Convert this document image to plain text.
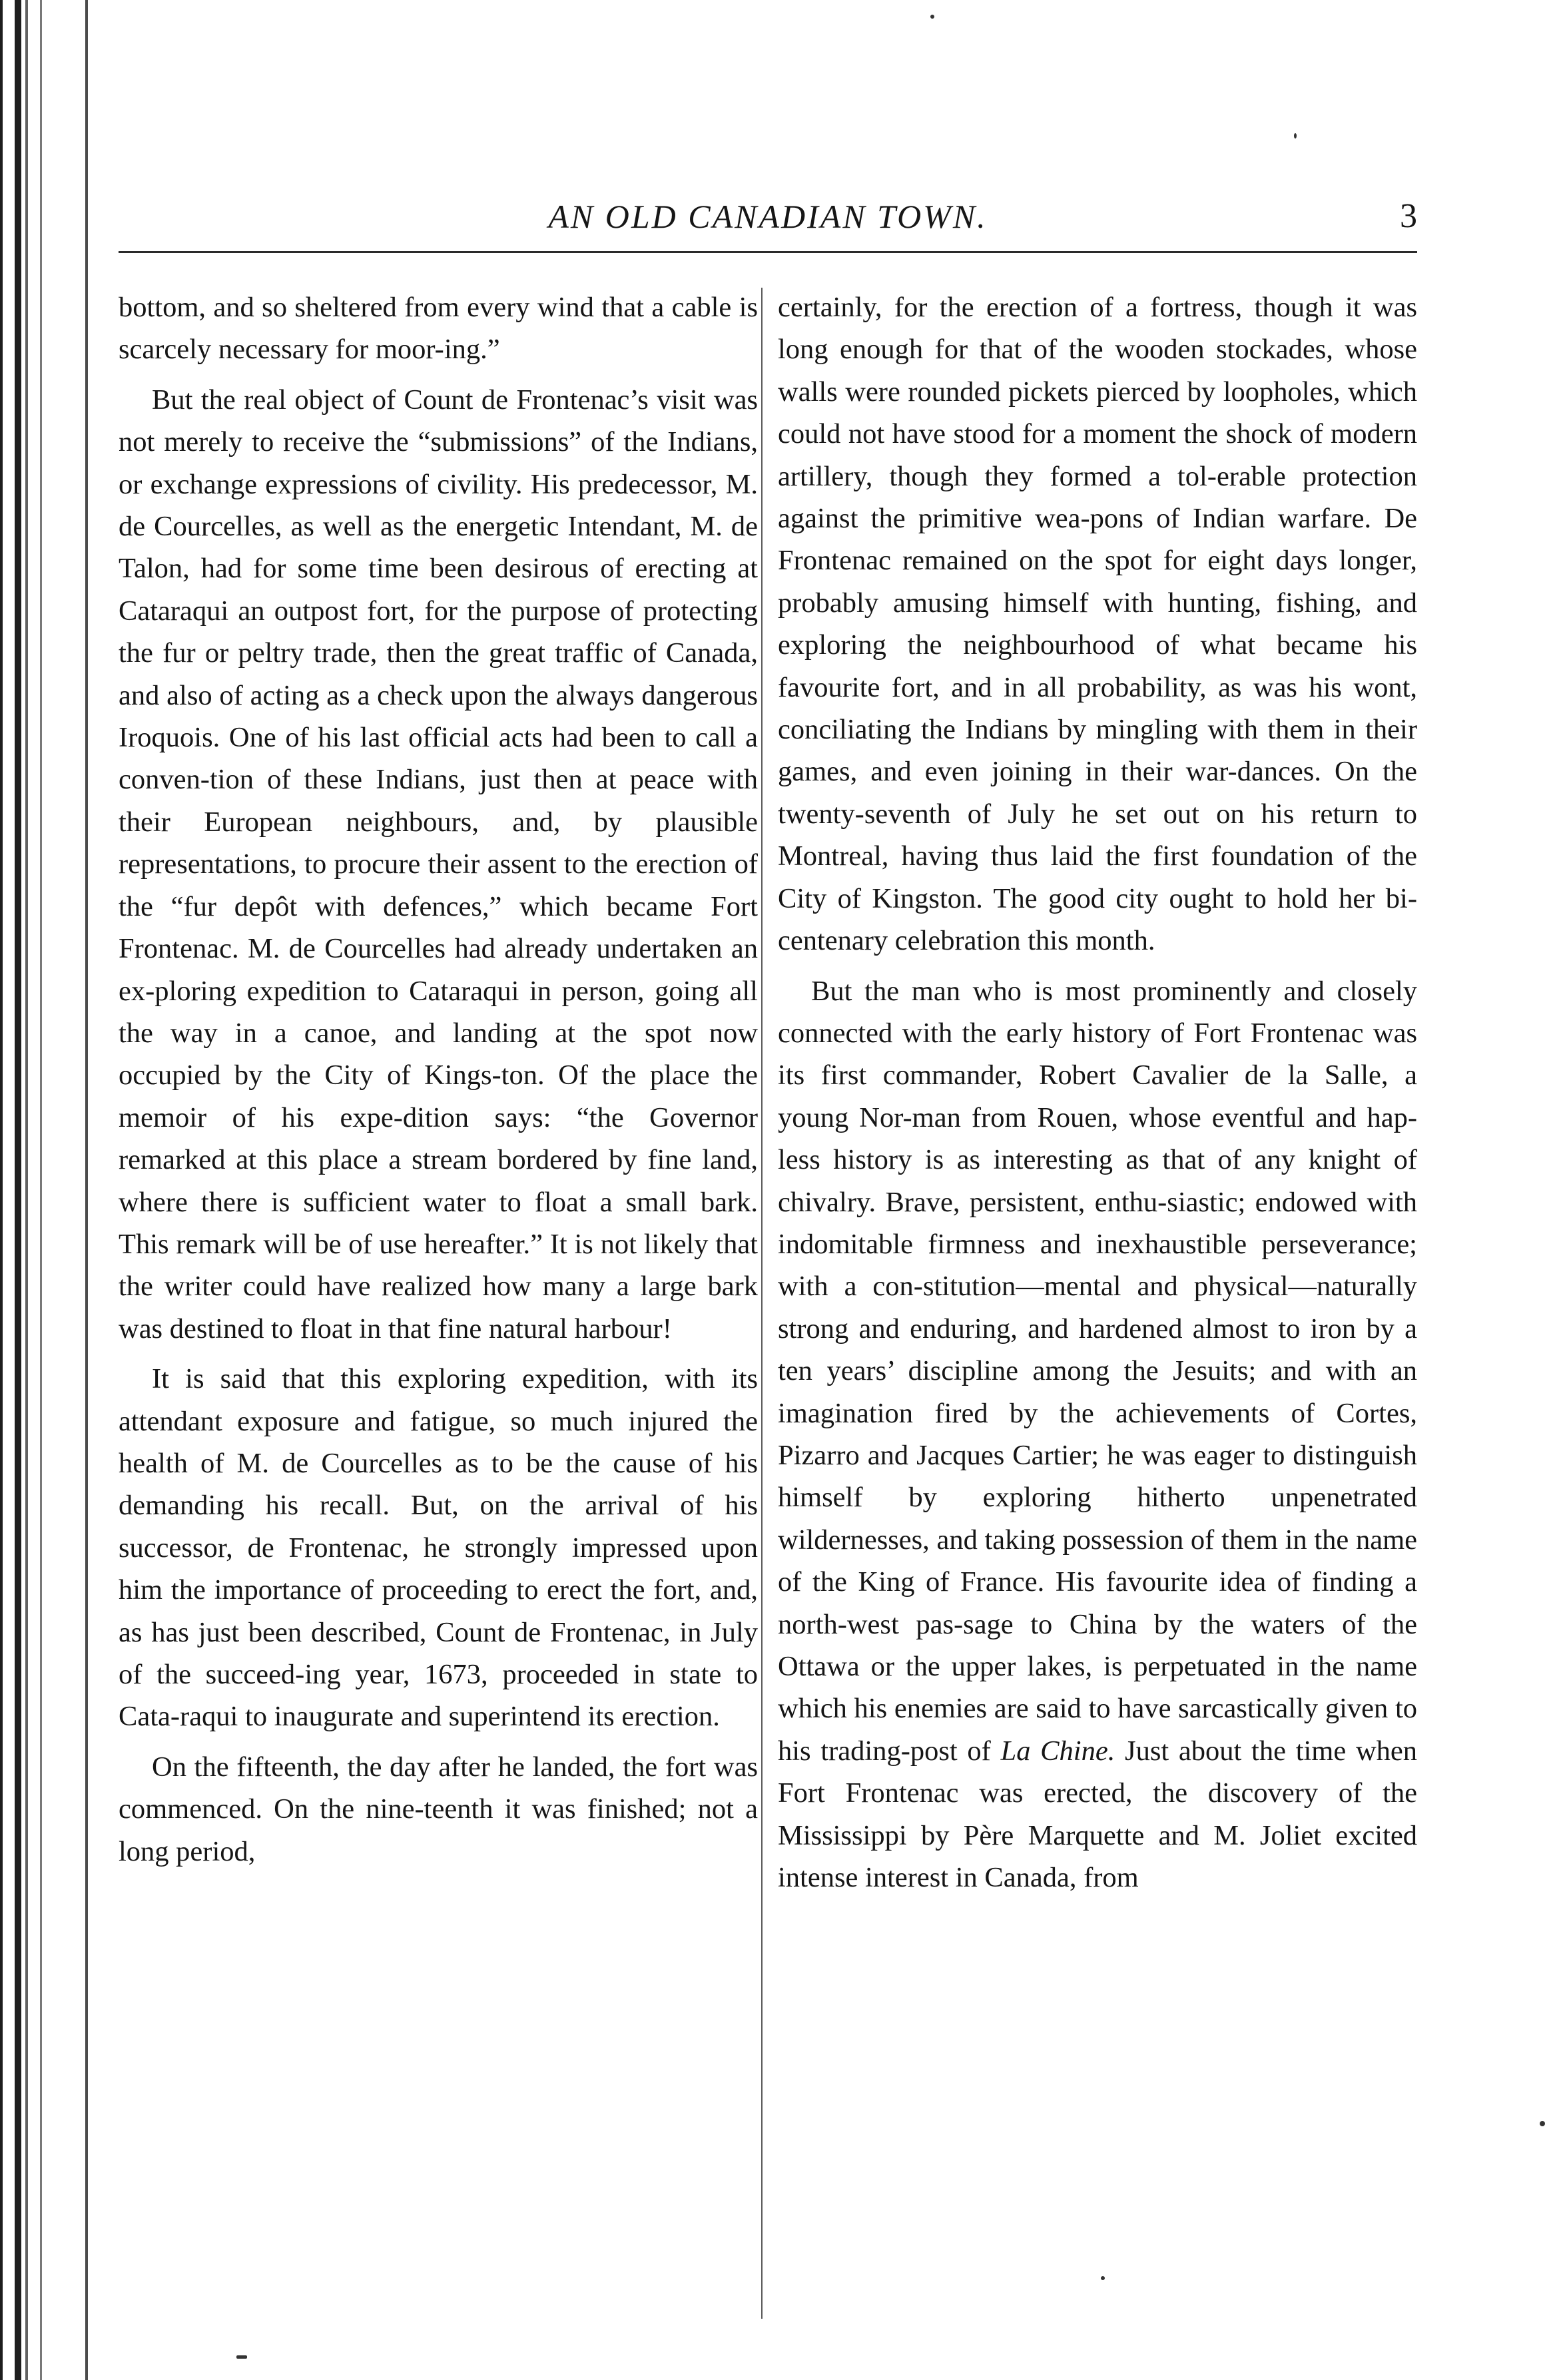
AN OLD CANADIAN TOWN.	3

bottom, and so sheltered from every wind that a cable is scarcely necessary for moor-ing.”

But the real object of Count de Frontenac’s visit was not merely to receive the “submissions” of the Indians, or exchange expressions of civility. His predecessor, M. de Courcelles, as well as the energetic Intendant, M. de Talon, had for some time been desirous of erecting at Cataraqui an outpost fort, for the purpose of protecting the fur or peltry trade, then the great traffic of Canada, and also of acting as a check upon the always dangerous Iroquois. One of his last official acts had been to call a conven-tion of these Indians, just then at peace with their European neighbours, and, by plausible representations, to procure their assent to the erection of the “fur depôt with defences,” which became Fort Frontenac. M. de Courcelles had already undertaken an ex-ploring expedition to Cataraqui in person, going all the way in a canoe, and landing at the spot now occupied by the City of Kings-ton. Of the place the memoir of his expe-dition says: “the Governor remarked at this place a stream bordered by fine land, where there is sufficient water to float a small bark. This remark will be of use hereafter.” It is not likely that the writer could have realized how many a large bark was destined to float in that fine natural harbour!

It is said that this exploring expedition, with its attendant exposure and fatigue, so much injured the health of M. de Courcelles as to be the cause of his demanding his recall. But, on the arrival of his successor, de Frontenac, he strongly impressed upon him the importance of proceeding to erect the fort, and, as has just been described, Count de Frontenac, in July of the succeed-ing year, 1673, proceeded in state to Cata-raqui to inaugurate and superintend its erection.

On the fifteenth, the day after he landed, the fort was commenced. On the nine-teenth it was finished; not a long period,

certainly, for the erection of a fortress, though it was long enough for that of the wooden stockades, whose walls were rounded pickets pierced by loopholes, which could not have stood for a moment the shock of modern artillery, though they formed a tol-erable protection against the primitive wea-pons of Indian warfare. De Frontenac remained on the spot for eight days longer, probably amusing himself with hunting, fishing, and exploring the neighbourhood of what became his favourite fort, and in all probability, as was his wont, conciliating the Indians by mingling with them in their games, and even joining in their war-dances. On the twenty-seventh of July he set out on his return to Montreal, having thus laid the first foundation of the City of Kingston. The good city ought to hold her bi-centenary celebration this month.

But the man who is most prominently and closely connected with the early history of Fort Frontenac was its first commander, Robert Cavalier de la Salle, a young Nor-man from Rouen, whose eventful and hap-less history is as interesting as that of any knight of chivalry. Brave, persistent, enthu-siastic; endowed with indomitable firmness and inexhaustible perseverance; with a con-stitution—mental and physical—naturally strong and enduring, and hardened almost to iron by a ten years’ discipline among the Jesuits; and with an imagination fired by the achievements of Cortes, Pizarro and Jacques Cartier; he was eager to distinguish himself by exploring hitherto unpenetrated wildernesses, and taking possession of them in the name of the King of France. His favourite idea of finding a north-west pas-sage to China by the waters of the Ottawa or the upper lakes, is perpetuated in the name which his enemies are said to have sarcastically given to his trading-post of La Chine. Just about the time when Fort Frontenac was erected, the discovery of the Mississippi by Père Marquette and M. Joliet excited intense interest in Canada, from
